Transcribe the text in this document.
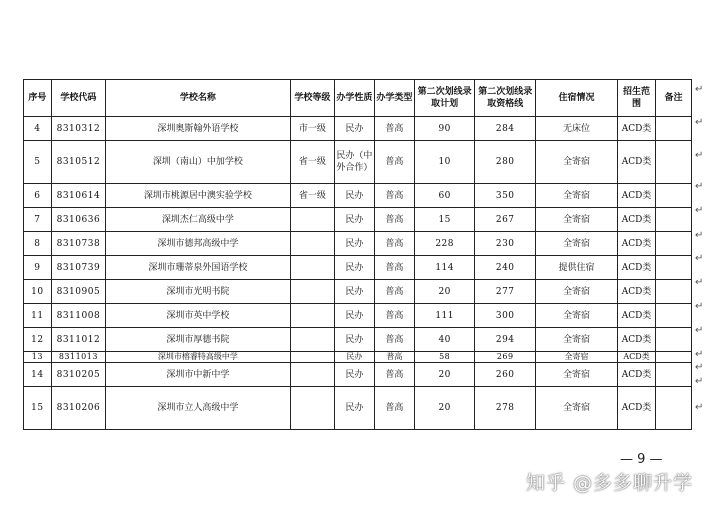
序号	学校代码	学校名称	学校等级	办学性质	办学类型	第二次划线录取计划	第二次划线录取资格线	住宿情况	招生范围	备注
4	8310312	深圳奥斯翰外语学校	市一级	民办	普高	90	284	无床位	ACD类	
5	8310512	深圳（南山）中加学校	省一级	民办（中外合作）	普高	10	280	全寄宿	ACD类	
6	8310614	深圳市桃源居中澳实验学校	省一级	民办	普高	60	350	全寄宿	ACD类	
7	8310636	深圳杰仁高级中学		民办	普高	15	267	全寄宿	ACD类	
8	8310738	深圳市德邦高级中学		民办	普高	228	230	全寄宿	ACD类	
9	8310739	深圳市珊蒂泉外国语学校		民办	普高	114	240	提供住宿	ACD类	
10	8310905	深圳市光明书院		民办	普高	20	277	全寄宿	ACD类	
11	8311008	深圳市英中学校		民办	普高	111	300	全寄宿	ACD类	
12	8311012	深圳市厚德书院		民办	普高	40	294	全寄宿	ACD类	
13	8311013	深圳市榕睿特高级中学		民办	普高	58	269	全寄宿	ACD类	
14	8310205	深圳市中新中学		民办	普高	20	260	全寄宿	ACD类	
15	8310206	深圳市立人高级中学		民办	普高	20	278	全寄宿	ACD类	
↵
↵
↵
↵
↵
↵
↵
↵
↵
↵
↵
↵
↵
↵
— 9 —
知乎 @多多聊升学
